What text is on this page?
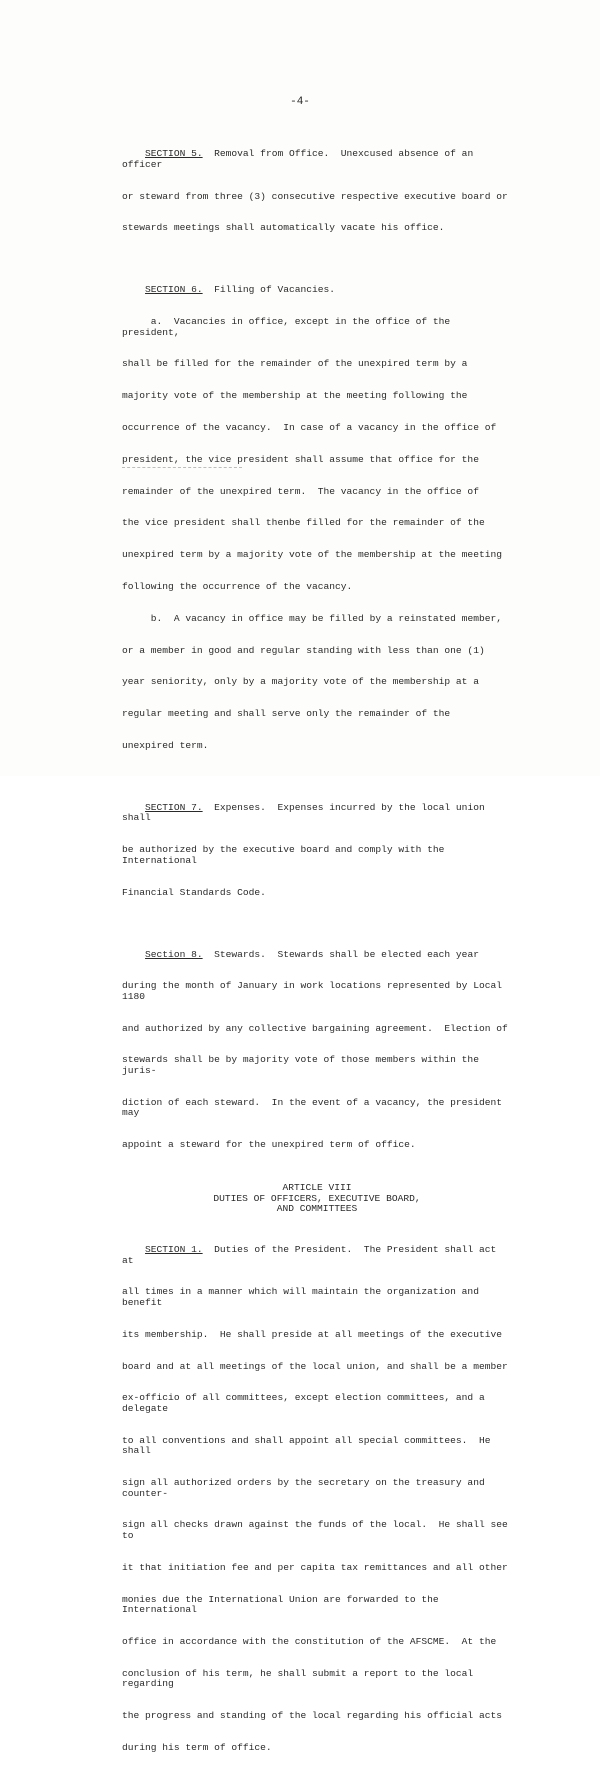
-4-

SECTION 5.  Removal from Office.  Unexcused absence of an officer

or steward from three (3) consecutive respective executive board or

stewards meetings shall automatically vacate his office.

SECTION 6.  Filling of Vacancies.

a.  Vacancies in office, except in the office of the president,

shall be filled for the remainder of the unexpired term by a

majority vote of the membership at the meeting following the

occurrence of the vacancy.  In case of a vacancy in the office of

president, the vice president shall assume that office for the

remainder of the unexpired term.  The vacancy in the office of

the vice president shall thenbe filled for the remainder of the

unexpired term by a majority vote of the membership at the meeting

following the occurrence of the vacancy.

b.  A vacancy in office may be filled by a reinstated member,

or a member in good and regular standing with less than one (1)

year seniority, only by a majority vote of the membership at a

regular meeting and shall serve only the remainder of the

unexpired term.

SECTION 7.  Expenses.  Expenses incurred by the local union shall

be authorized by the executive board and comply with the International

Financial Standards Code.

Section 8.  Stewards.  Stewards shall be elected each year

during the month of January in work locations represented by Local 1180

and authorized by any collective bargaining agreement.  Election of

stewards shall be by majority vote of those members within the juris-

diction of each steward.  In the event of a vacancy, the president may

appoint a steward for the unexpired term of office.

ARTICLE VIII
DUTIES OF OFFICERS, EXECUTIVE BOARD,
AND COMMITTEES

SECTION 1.  Duties of the President.  The President shall act at

all times in a manner which will maintain the organization and benefit

its membership.  He shall preside at all meetings of the executive

board and at all meetings of the local union, and shall be a member

ex-officio of all committees, except election committees, and a delegate

to all conventions and shall appoint all special committees.  He shall

sign all authorized orders by the secretary on the treasury and counter-

sign all checks drawn against the funds of the local.  He shall see to

it that initiation fee and per capita tax remittances and all other

monies due the International Union are forwarded to the International

office in accordance with the constitution of the AFSCME.  At the

conclusion of his term, he shall submit a report to the local regarding

the progress and standing of the local regarding his official acts

during his term of office.
